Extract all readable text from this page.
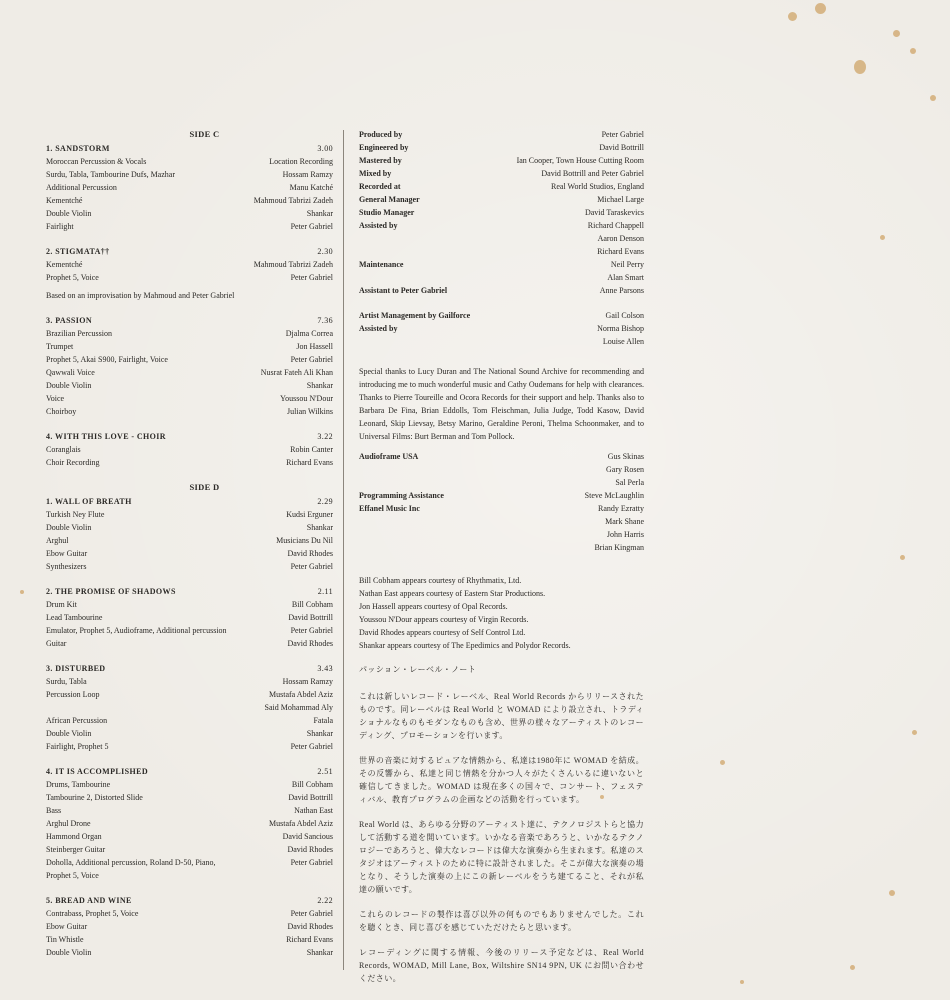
SIDE C
1. SANDSTORM	3.00
Moroccan Percussion & Vocals	Location Recording
Surdu, Tabla, Tambourine Dufs, Mazhar	Hossam Ramzy
Additional Percussion	Manu Katché
Kementché	Mahmoud Tabrizi Zadeh
Double Violin	Shankar
Fairlight	Peter Gabriel
2. STIGMATA††	2.30
Kementché	Mahmoud Tabrizi Zadeh
Prophet 5, Voice	Peter Gabriel
Based on an improvisation by Mahmoud and Peter Gabriel
3. PASSION	7.36
Brazilian Percussion	Djalma Correa
Trumpet	Jon Hassell
Prophet 5, Akai S900, Fairlight, Voice	Peter Gabriel
Qawwali Voice	Nusrat Fateh Ali Khan
Double Violin	Shankar
Voice	Youssou N'Dour
Choirboy	Julian Wilkins
4. WITH THIS LOVE - CHOIR	3.22
Coranglais	Robin Canter
Choir Recording	Richard Evans
SIDE D
1. WALL OF BREATH	2.29
Turkish Ney Flute	Kudsi Erguner
Double Violin	Shankar
Arghul	Musicians Du Nil
Ebow Guitar	David Rhodes
Synthesizers	Peter Gabriel
2. THE PROMISE OF SHADOWS	2.11
Drum Kit	Bill Cobham
Lead Tambourine	David Bottrill
Emulator, Prophet 5, Audioframe, Additional percussion	Peter Gabriel
Guitar	David Rhodes
3. DISTURBED	3.43
Surdu, Tabla	Hossam Ramzy
Percussion Loop	Mustafa Abdel Aziz
Said Mohammad Aly
African Percussion	Fatala
Double Violin	Shankar
Fairlight, Prophet 5	Peter Gabriel
4. IT IS ACCOMPLISHED	2.51
Drums, Tambourine	Bill Cobham
Tambourine 2, Distorted Slide	David Bottrill
Bass	Nathan East
Arghul Drone	Mustafa Abdel Aziz
Hammond Organ	David Sancious
Steinberger Guitar	David Rhodes
Doholla, Additional percussion, Roland D-50, Piano,	Peter Gabriel
Prophet 5, Voice
5. BREAD AND WINE	2.22
Contrabass, Prophet 5, Voice	Peter Gabriel
Ebow Guitar	David Rhodes
Tin Whistle	Richard Evans
Double Violin	Shankar
Produced by	Peter Gabriel
Engineered by	David Bottrill
Mastered by	Ian Cooper, Town House Cutting Room
Mixed by	David Bottrill and Peter Gabriel
Recorded at	Real World Studios, England
General Manager	Michael Large
Studio Manager	David Taraskevics
Assisted by	Richard Chappell
Aaron Denson
Richard Evans
Maintenance	Neil Perry
Alan Smart
Assistant to Peter Gabriel	Anne Parsons
Artist Management by Gailforce	Gail Colson
Assisted by	Norma Bishop
Louise Allen
Special thanks to Lucy Duran and The National Sound Archive for recommending and introducing me to much wonderful music and Cathy Oudemans for help with clearances. Thanks to Pierre Toureille and Ocora Records for their support and help. Thanks also to Barbara De Fina, Brian Eddolls, Tom Fleischman, Julia Judge, Todd Kasow, David Leonard, Skip Lievsay, Betsy Marino, Geraldine Peroni, Thelma Schoonmaker, and to Universal Films: Burt Berman and Tom Pollock.
Audioframe USA	Gus Skinas
Gary Rosen
Sal Perla
Programming Assistance	Steve McLaughlin
Effanel Music Inc	Randy Ezratty
Mark Shane
John Harris
Brian Kingman
Bill Cobham appears courtesy of Rhythmatix, Ltd.
Nathan East appears courtesy of Eastern Star Productions.
Jon Hassell appears courtesy of Opal Records.
Youssou N'Dour appears courtesy of Virgin Records.
David Rhodes appears courtesy of Self Control Ltd.
Shankar appears courtesy of The Epedimics and Polydor Records.

パッション・レーベル・ノート

これは新しいレコード・レーベル、Real World Records からリリースされたものです。同レーベルは Real World と WOMAD により設立され、トラディショナルなものもモダンなものも含め、世界の様々なアーティストのレコーディング、プロモーションを行います。

世界の音楽に対するピュアな情熱から、私達は1980年に WOMAD を結成。その反響から、私達と同じ情熱を分かつ人々がたくさんいるに違いないと確信してきました。WOMAD は現在多くの国々で、コンサート、フェスティバル、教育プログラムの企画などの活動を行っています。

Real World は、あらゆる分野のアーティスト達に、テクノロジストらと協力して活動する道を開いています。いかなる音楽であろうと、いかなるテクノロジーであろうと、偉大なレコードは偉大な演奏から生まれます。私達のスタジオはアーティストのために特に設計されました。そこが偉大な演奏の場となり、そうした演奏の上にこの新レーベルをうち建てること、それが私達の願いです。

これらのレコードの製作は喜び以外の何ものでもありませんでした。これを聴くとき、同じ喜びを感じていただけたらと思います。

レコーディングに関する情報、今後のリリース予定などは、Real World Records, WOMAD, Mill Lane, Box, Wiltshire SN14 9PN, UK にお問い合わせください。
